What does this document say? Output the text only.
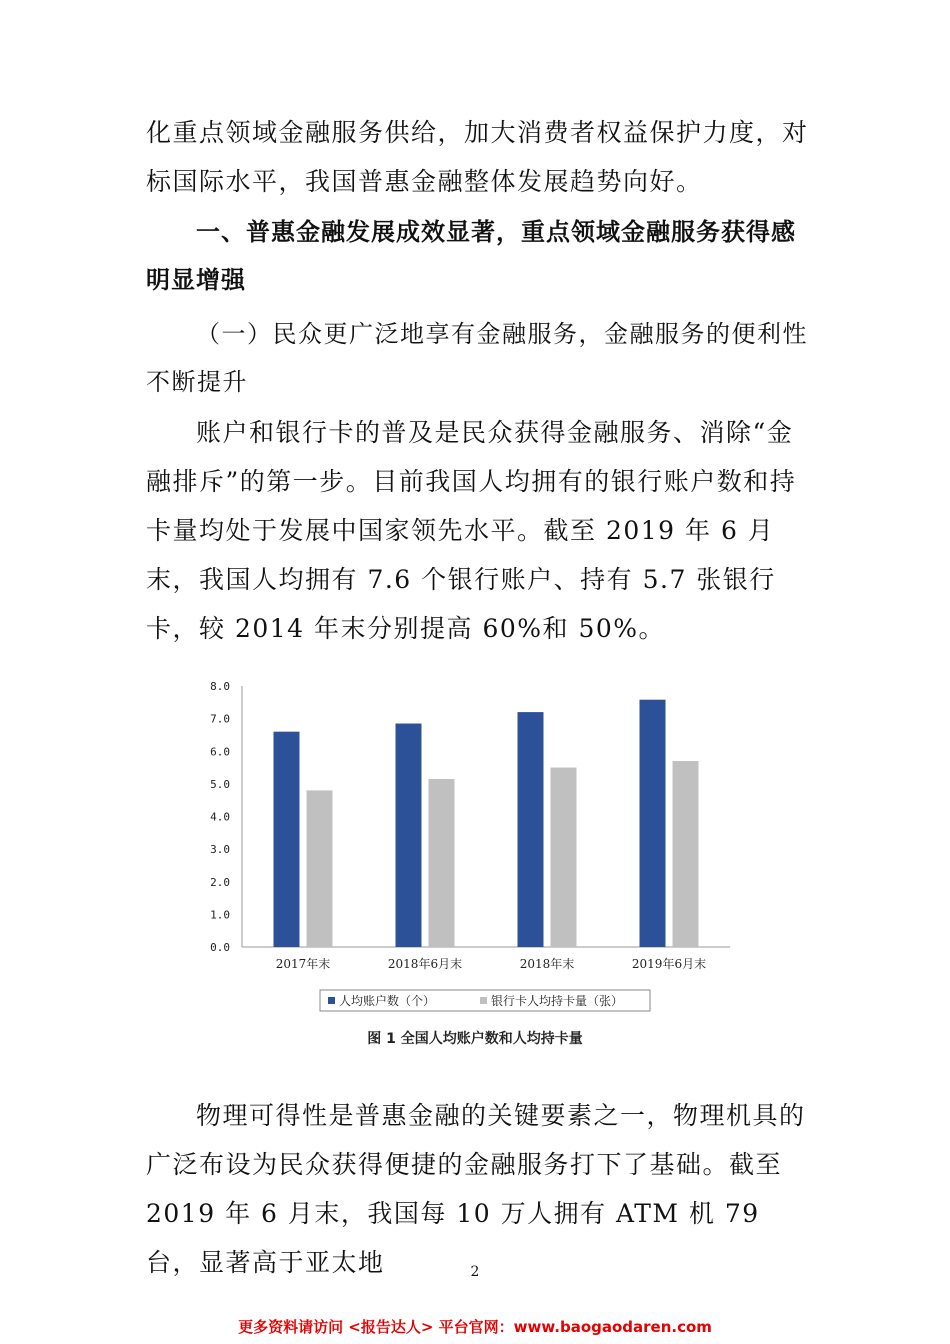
化重点领域金融服务供给，加大消费者权益保护力度，对标国际水平，我国普惠金融整体发展趋势向好。

一、普惠金融发展成效显著，重点领域金融服务获得感明显增强

（一）民众更广泛地享有金融服务，金融服务的便利性不断提升

账户和银行卡的普及是民众获得金融服务、消除“金融排斥”的第一步。目前我国人均拥有的银行账户数和持卡量均处于发展中国家领先水平。截至 2019 年 6 月末，我国人均拥有 7.6 个银行账户、持有 5.7 张银行卡，较 2014 年末分别提高 60%和 50%。

0.0
1.0
2.0
3.0
4.0
5.0
6.0
7.0
8.0
2017年末	2018年6月末	2018年末	2019年6月末
人均账户数（个）	银行卡人均持卡量（张）
图 1 全国人均账户数和人均持卡量

物理可得性是普惠金融的关键要素之一，物理机具的广泛布设为民众获得便捷的金融服务打下了基础。截至 2019 年 6 月末，我国每 10 万人拥有 ATM 机 79 台，显著高于亚太地	2
更多资料请访问 <报告达人> 平台官网：www.baogaodaren.com
